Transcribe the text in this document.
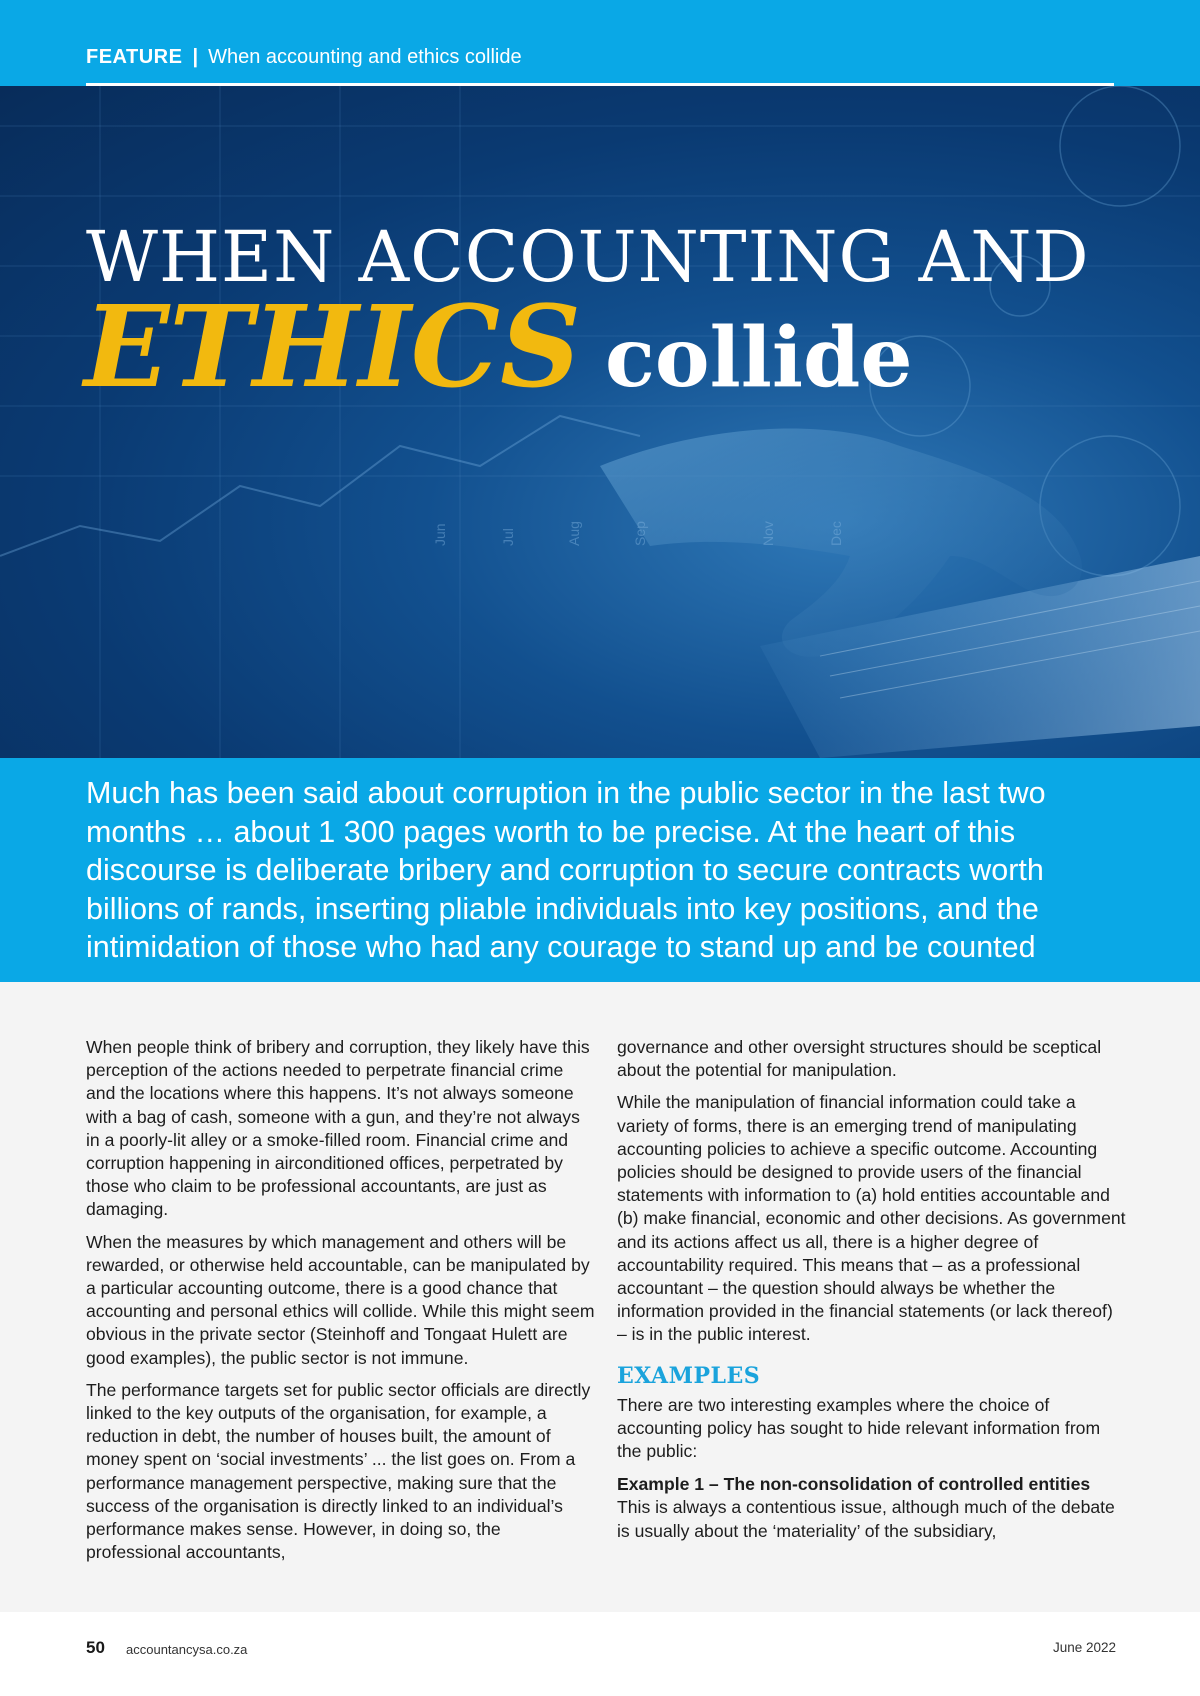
FEATURE | When accounting and ethics collide
Jun	Jul	Aug	Sep	Nov	Dec
WHEN ACCOUNTING AND
ETHICS collide

Much has been said about corruption in the public sector in the last two months … about 1 300 pages worth to be precise. At the heart of this discourse is deliberate bribery and corruption to secure contracts worth billions of rands, inserting pliable individuals into key positions, and the intimidation of those who had any courage to stand up and be counted

When people think of bribery and corruption, they likely have this perception of the actions needed to perpetrate financial crime and the locations where this happens. It’s not always someone with a bag of cash, someone with a gun, and they’re not always in a poorly-lit alley or a smoke-filled room. Financial crime and corruption happening in airconditioned offices, perpetrated by those who claim to be professional accountants, are just as damaging.

When the measures by which management and others will be rewarded, or otherwise held accountable, can be manipulated by a particular accounting outcome, there is a good chance that accounting and personal ethics will collide. While this might seem obvious in the private sector (Steinhoff and Tongaat Hulett are good examples), the public sector is not immune.

The performance targets set for public sector officials are directly linked to the key outputs of the organisation, for example, a reduction in debt, the number of houses built, the amount of money spent on ‘social investments’ ... the list goes on. From a performance management perspective, making sure that the success of the organisation is directly linked to an individual’s performance makes sense. However, in doing so, the professional accountants,

governance and other oversight structures should be sceptical about the potential for manipulation.

While the manipulation of financial information could take a variety of forms, there is an emerging trend of manipulating accounting policies to achieve a specific outcome. Accounting policies should be designed to provide users of the financial statements with information to (a) hold entities accountable and (b) make financial, economic and other decisions. As government and its actions affect us all, there is a higher degree of accountability required. This means that – as a professional accountant – the question should always be whether the information provided in the financial statements (or lack thereof) – is in the public interest.

EXAMPLES

There are two interesting examples where the choice of accounting policy has sought to hide relevant information from the public:

Example 1 – The non-consolidation of controlled entities

This is always a contentious issue, although much of the debate is usually about the ‘materiality’ of the subsidiary,

50 accountancysa.co.za	June 2022
